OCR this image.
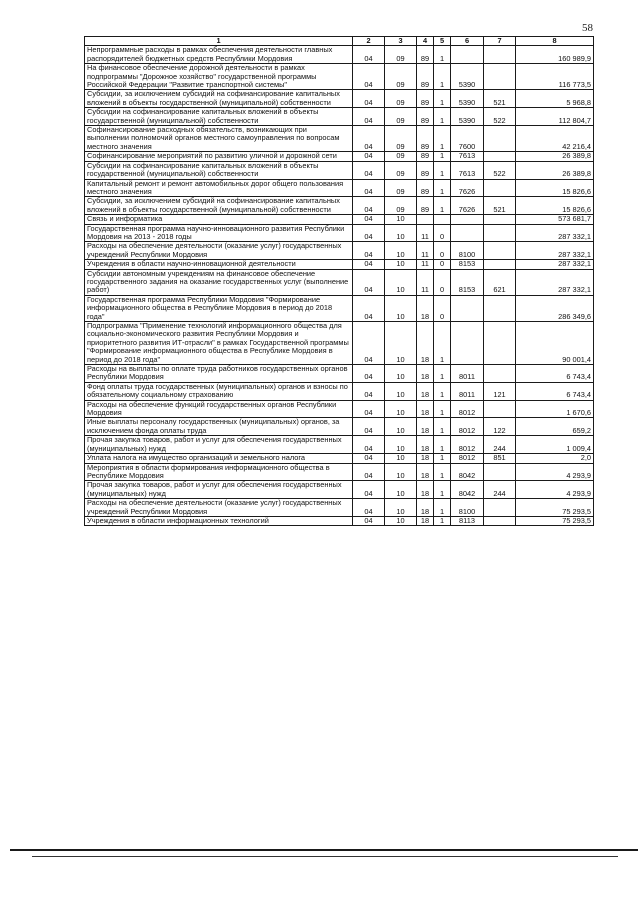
58
1	2	3	4	5	6	7	8
Непрограммные расходы в рамках обеспечения деятельности главных распорядителей бюджетных средств Республики Мордовия	04	09	89	1			160 989,9
На финансовое обеспечение дорожной деятельности в рамках подпрограммы "Дорожное хозяйство" государственной программы Российской Федерации "Развитие транспортной системы"	04	09	89	1	5390		116 773,5
Субсидии, за исключением субсидий на софинансирование капитальных вложений в объекты государственной (муниципальной) собственности	04	09	89	1	5390	521	5 968,8
Субсидии на софинансирование капитальных вложений в объекты государственной (муниципальной) собственности	04	09	89	1	5390	522	112 804,7
Софинансирование расходных обязательств, возникающих при выполнении полномочий органов местного самоуправления по вопросам местного значения	04	09	89	1	7600		42 216,4
Софинансирование мероприятий по развитию уличной и дорожной сети	04	09	89	1	7613		26 389,8
Субсидии на софинансирование капитальных вложений в объекты государственной (муниципальной) собственности	04	09	89	1	7613	522	26 389,8
Капитальный ремонт и ремонт автомобильных дорог общего пользования местного значения	04	09	89	1	7626		15 826,6
Субсидии, за исключением субсидий на софинансирование капитальных вложений в объекты государственной (муниципальной) собственности	04	09	89	1	7626	521	15 826,6
Связь и информатика	04	10					573 681,7
Государственная программа научно-инновационного развития Республики Мордовия на 2013 - 2018 годы	04	10	11	0			287 332,1
Расходы на обеспечение деятельности (оказание услуг) государственных учреждений Республики Мордовия	04	10	11	0	8100		287 332,1
Учреждения в области научно-инновационной деятельности	04	10	11	0	8153		287 332,1
Субсидии автономным учреждениям на финансовое обеспечение государственного задания на оказание государственных услуг (выполнение работ)	04	10	11	0	8153	621	287 332,1
Государственная программа Республики Мордовия "Формирование информационного общества в Республике Мордовия в период до 2018 года"	04	10	18	0			286 349,6
Подпрограмма "Применение технологий информационного общества для социально-экономического развития Республики Мордовия и приоритетного развития ИТ-отрасли" в рамках Государственной программы "Формирование информационного общества в Республике Мордовия в период до 2018 года"	04	10	18	1			90 001,4
Расходы на выплаты по оплате труда работников государственных органов Республики Мордовия	04	10	18	1	8011		6 743,4
Фонд оплаты труда государственных (муниципальных) органов и взносы по обязательному социальному страхованию	04	10	18	1	8011	121	6 743,4
Расходы на обеспечение функций государственных органов Республики Мордовия	04	10	18	1	8012		1 670,6
Иные выплаты персоналу государственных (муниципальных) органов, за исключением фонда оплаты труда	04	10	18	1	8012	122	659,2
Прочая закупка товаров, работ и услуг для обеспечения государственных (муниципальных) нужд	04	10	18	1	8012	244	1 009,4
Уплата налога на имущество организаций и земельного налога	04	10	18	1	8012	851	2,0
Мероприятия в области формирования информационного общества в Республике Мордовия	04	10	18	1	8042		4 293,9
Прочая закупка товаров, работ и услуг для обеспечения государственных (муниципальных) нужд	04	10	18	1	8042	244	4 293,9
Расходы на обеспечение деятельности (оказание услуг) государственных учреждений Республики Мордовия	04	10	18	1	8100		75 293,5
Учреждения в области информационных технологий	04	10	18	1	8113		75 293,5
